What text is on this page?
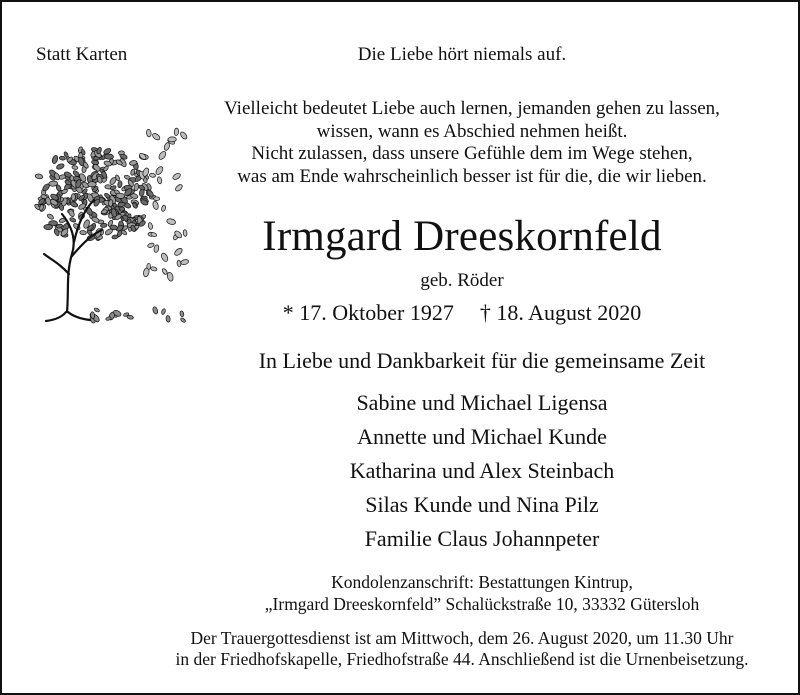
Statt Karten	Die Liebe hört niemals auf.
Vielleicht bedeutet Liebe auch lernen, jemanden gehen zu lassen,
wissen, wann es Abschied nehmen heißt.
Nicht zulassen, dass unsere Gefühle dem im Wege stehen,
was am Ende wahrscheinlich besser ist für die, die wir lieben.
Irmgard Dreeskornfeld
geb. Röder
* 17. Oktober 1927 † 18. August 2020
In Liebe und Dankbarkeit für die gemeinsame Zeit
Sabine und Michael Ligensa
Annette und Michael Kunde
Katharina und Alex Steinbach
Silas Kunde und Nina Pilz
Familie Claus Johannpeter
Kondolenzanschrift: Bestattungen Kintrup,
„Irmgard Dreeskornfeld” Schalückstraße 10, 33332 Gütersloh
Der Trauergottesdienst ist am Mittwoch, dem 26. August 2020, um 11.30 Uhr
in der Friedhofskapelle, Friedhofstraße 44. Anschließend ist die Urnenbeisetzung.
